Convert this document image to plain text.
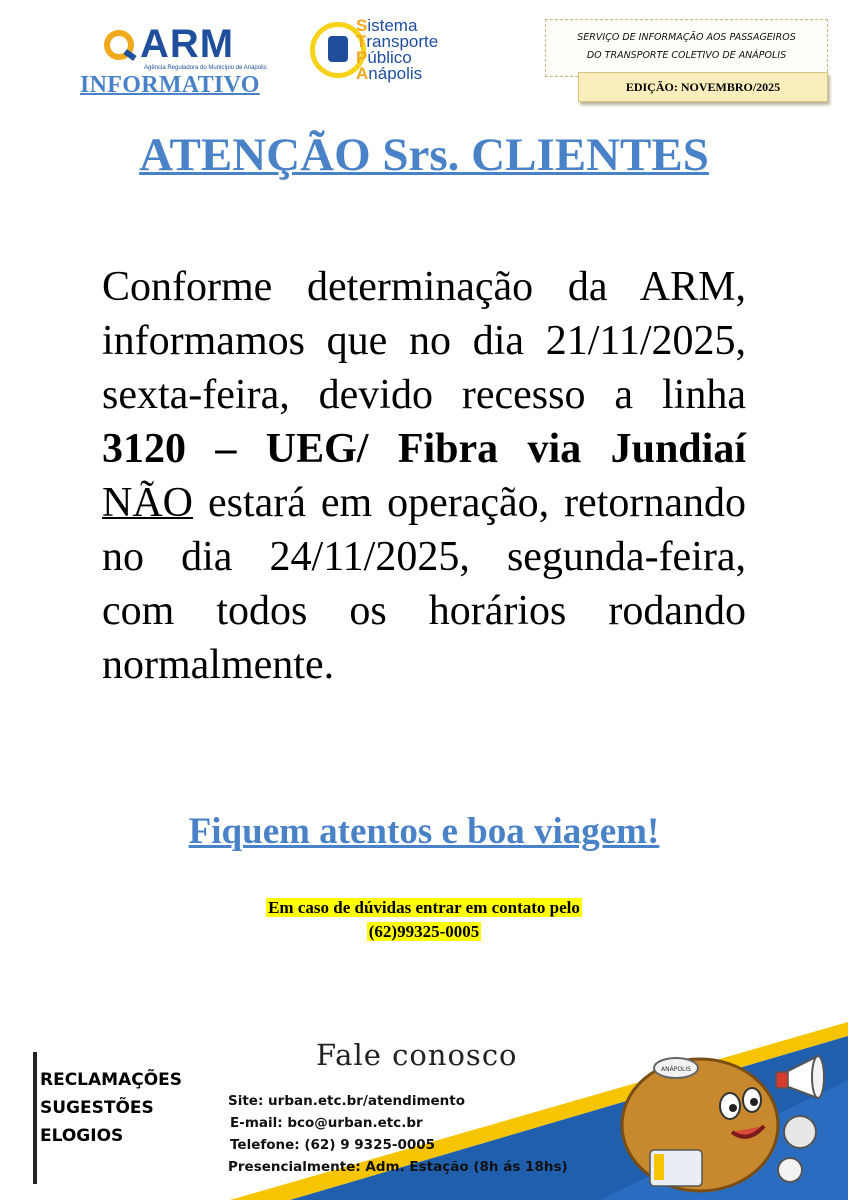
ARM
Agência Reguladora do Município de Anápolis
Sistema
Transporte
Público
Anápolis
INFORMATIVO
SERVIÇO DE INFORMAÇÃO AOS PASSAGEIROS
DO TRANSPORTE COLETIVO DE ANÁPOLIS
EDIÇÃO: NOVEMBRO/2025
ATENÇÃO Srs. CLIENTES
Conforme determinação da ARM, informamos que no dia 21/11/2025, sexta-feira, devido recesso a linha 3120 – UEG/ Fibra via Jundiaí NÃO estará em operação, retornando no dia 24/11/2025, segunda-feira, com todos os horários rodando normalmente.
Fiquem atentos e boa viagem!
Em caso de dúvidas entrar em contato pelo
(62)99325-0005
ANÁPOLIS
RECLAMAÇÕES
SUGESTÕES
ELOGIOS
Fale conosco
Site: urban.etc.br/atendimento
E-mail: bco@urban.etc.br
Telefone: (62) 9 9325-0005
Presencialmente: Adm. Estação (8h ás 18hs)
